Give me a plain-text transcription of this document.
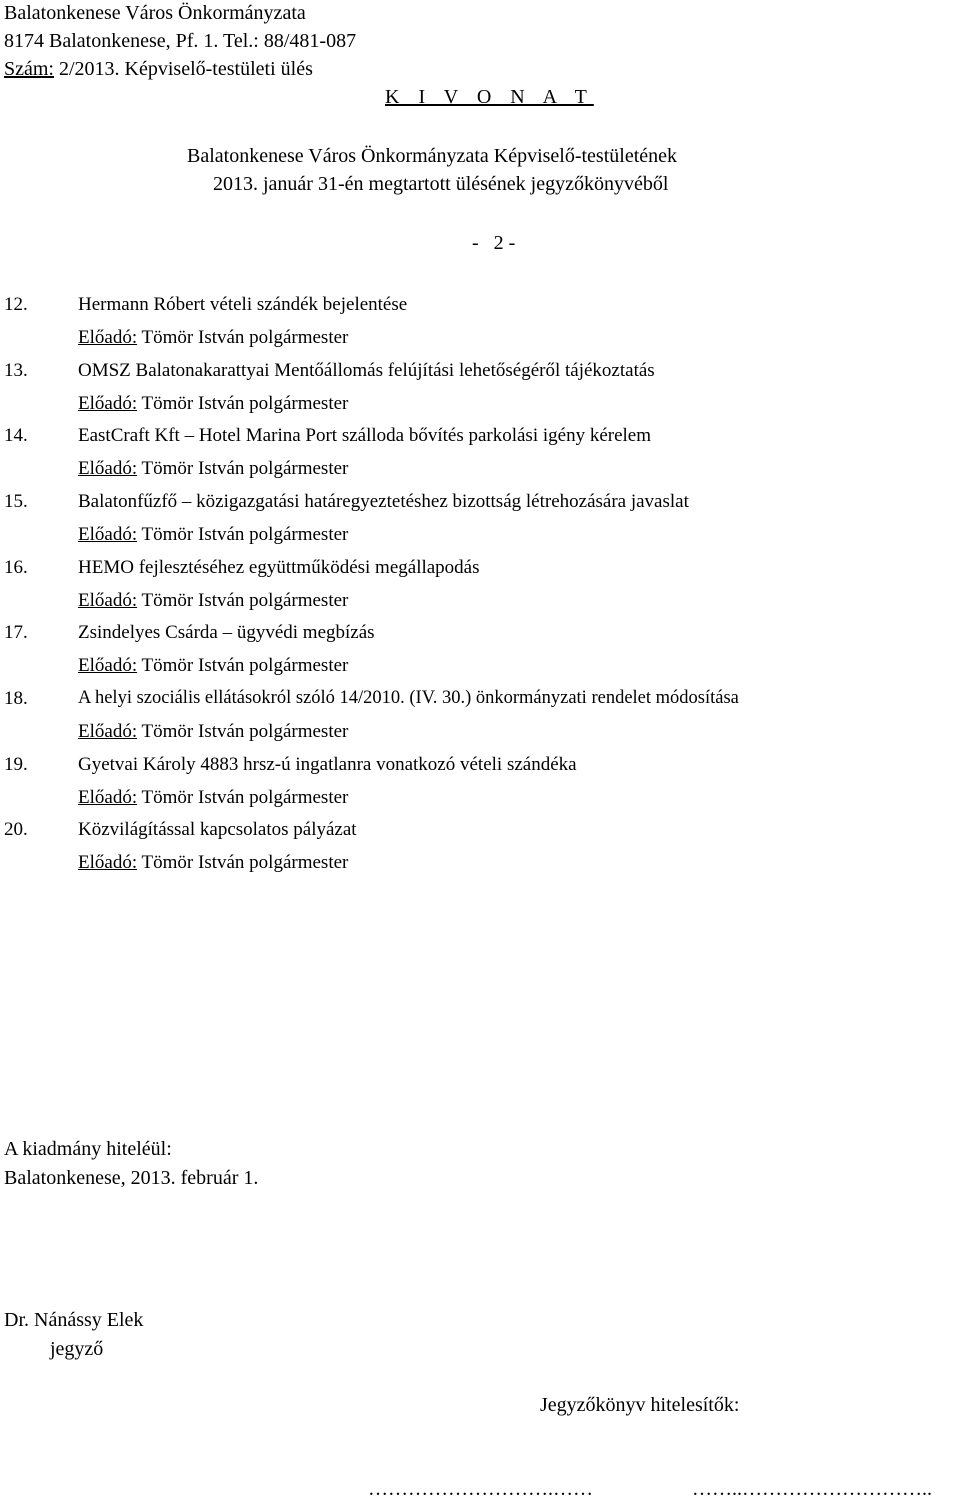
Balatonkenese Város Önkormányzata
8174 Balatonkenese, Pf. 1. Tel.: 88/481-087
Szám: 2/2013. Képviselő-testületi ülés
K I V O N A T
Balatonkenese Város Önkormányzata Képviselő-testületének
2013. január 31-én megtartott ülésének jegyzőkönyvéből
-   2 -
12.	Hermann Róbert vételi szándék bejelentése
Előadó: Tömör István polgármester
13.	OMSZ Balatonakarattyai Mentőállomás felújítási lehetőségéről tájékoztatás
Előadó: Tömör István polgármester
14.	EastCraft Kft – Hotel Marina Port szálloda bővítés parkolási igény kérelem
Előadó: Tömör István polgármester
15.	Balatonfűzfő – közigazgatási határegyeztetéshez bizottság létrehozására javaslat
Előadó: Tömör István polgármester
16.	HEMO fejlesztéséhez együttműködési megállapodás
Előadó: Tömör István polgármester
17.	Zsindelyes Csárda – ügyvédi megbízás
Előadó: Tömör István polgármester
18.	A helyi szociális ellátásokról szóló 14/2010. (IV. 30.) önkormányzati rendelet módosítása
Előadó: Tömör István polgármester
19.	Gyetvai Károly 4883 hrsz-ú ingatlanra vonatkozó vételi szándéka
Előadó: Tömör István polgármester
20.	Közvilágítással kapcsolatos pályázat
Előadó: Tömör István polgármester
A kiadmány hiteléül:
Balatonkenese, 2013. február 1.
Dr. Nánássy Elek
jegyző
Jegyzőkönyv hitelesítők:
……………………….……	……..………………………..
